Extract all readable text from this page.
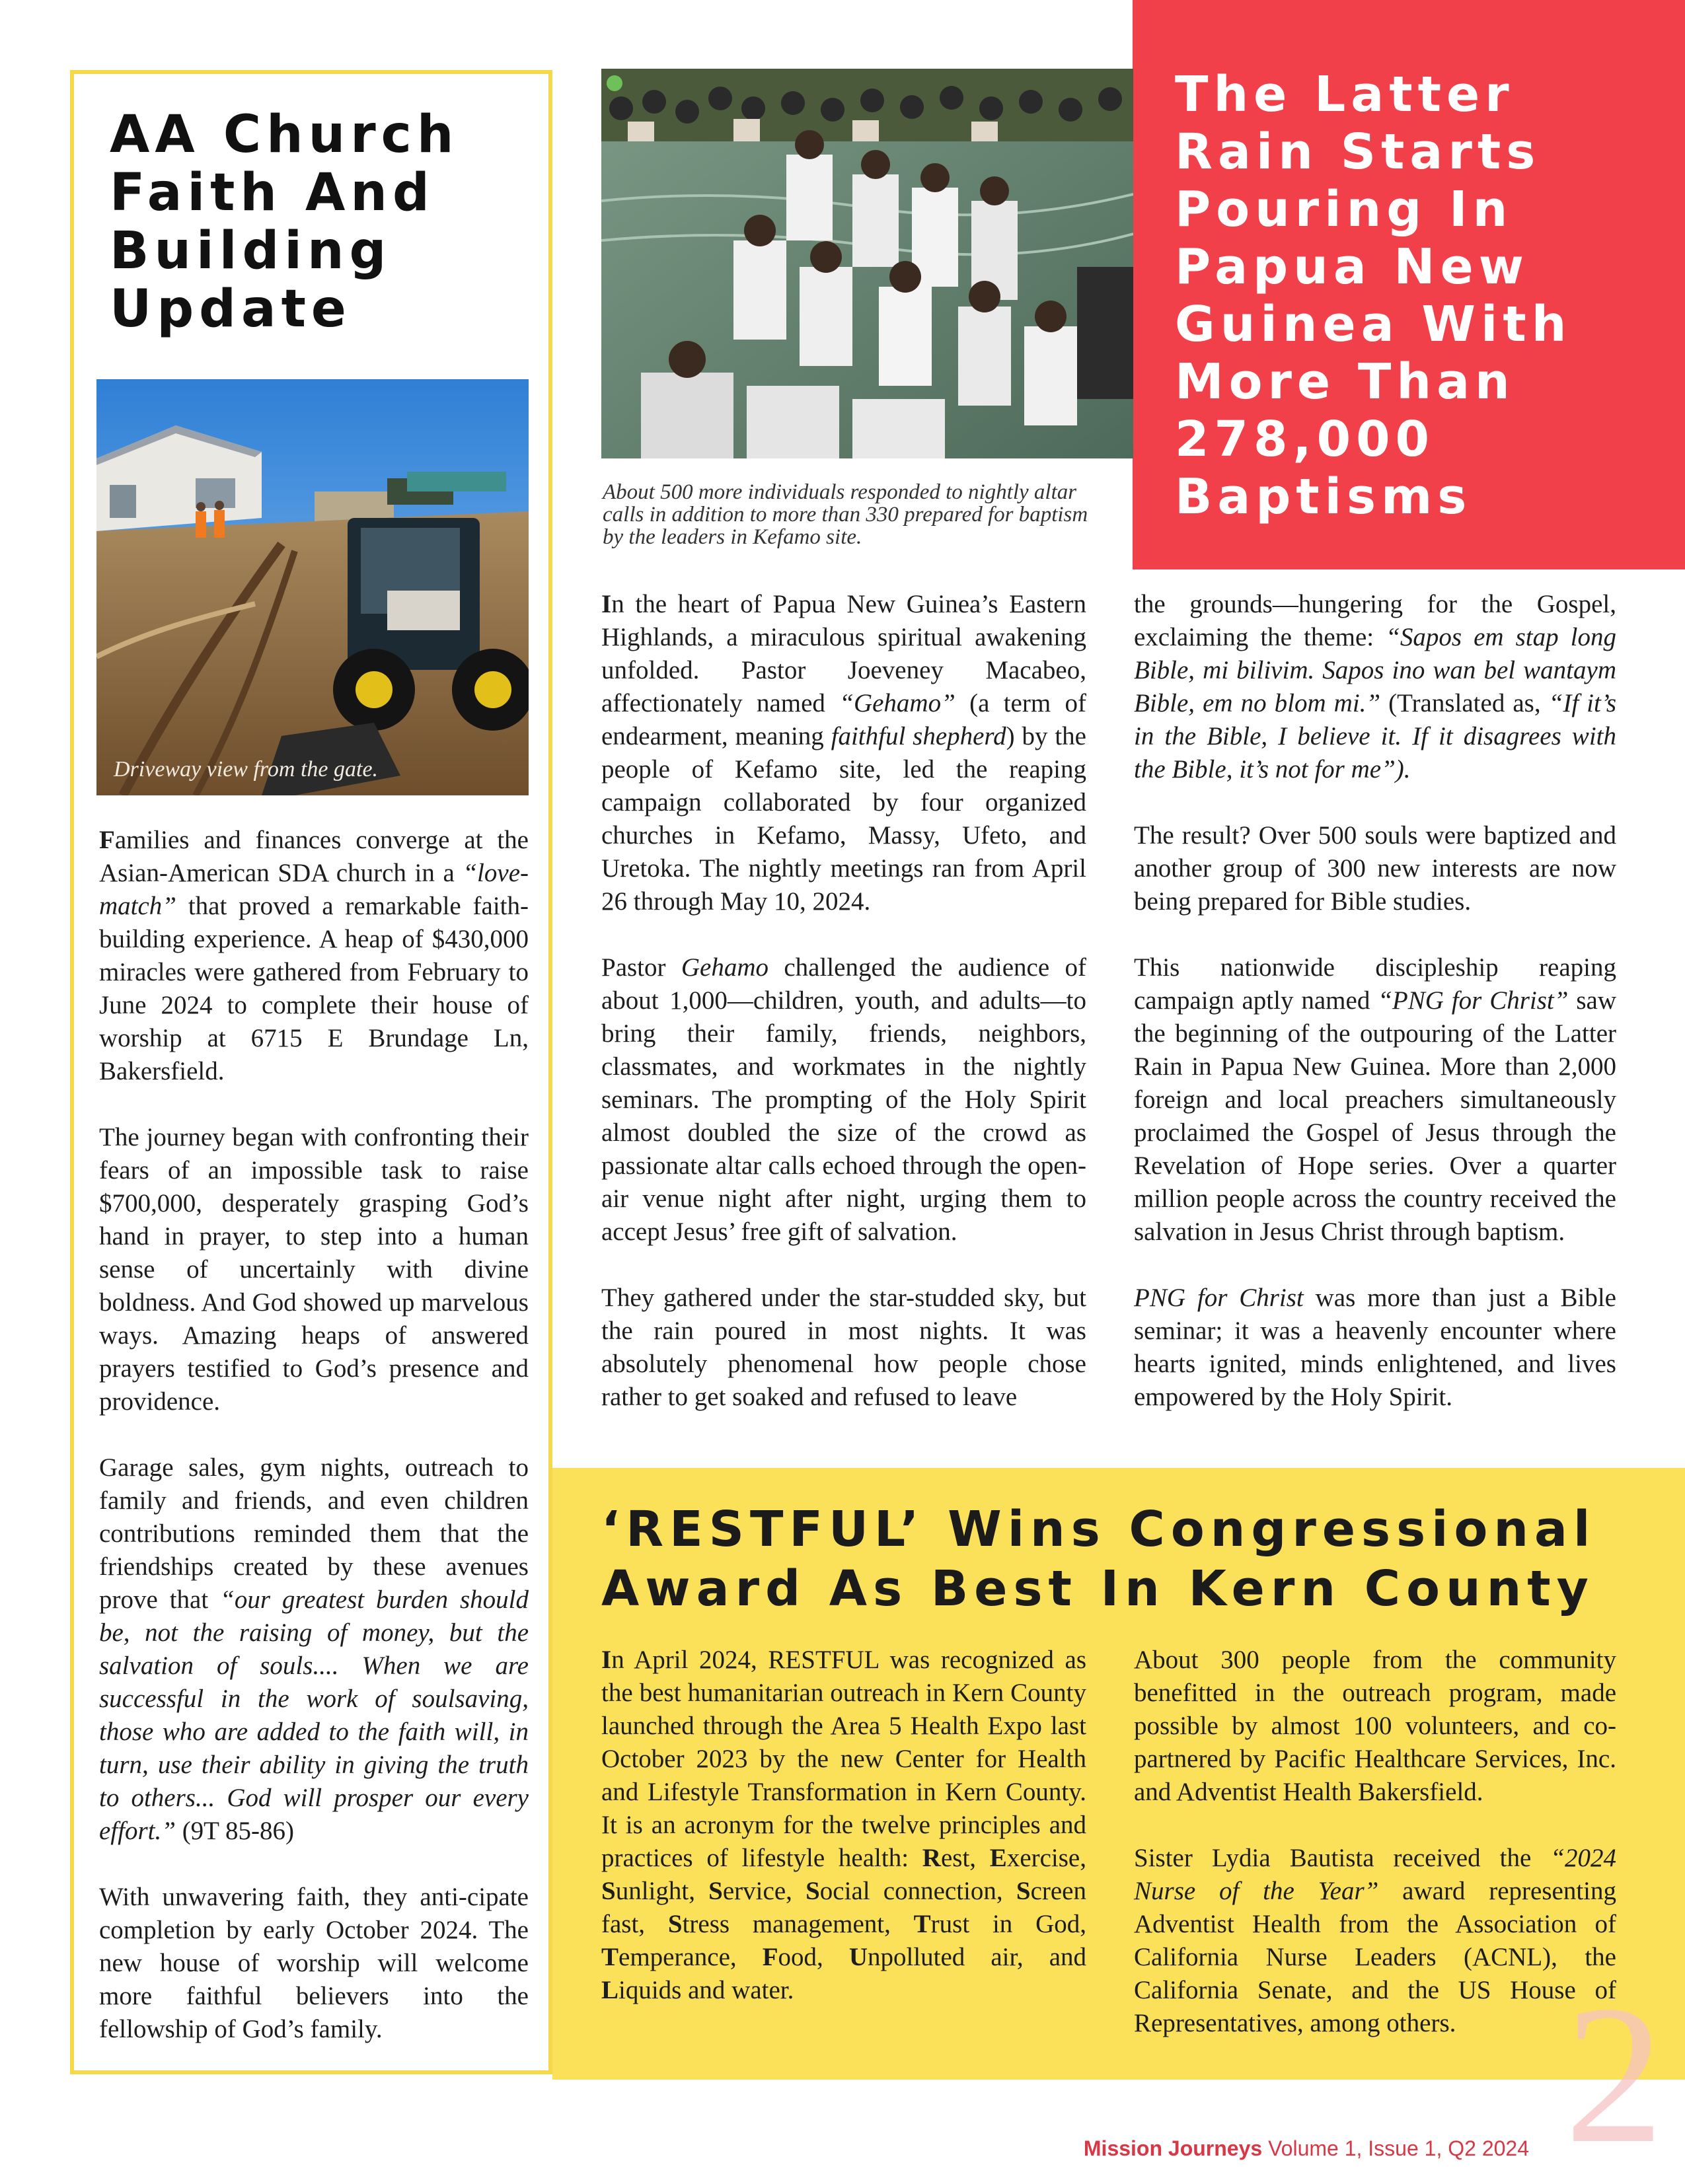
AA Church Faith And Building Update
Driveway view from the gate.

Families and finances converge at the Asian-American SDA church in a “love-match” that proved a remarkable faith-building experience. A heap of $430,000 miracles were gathered from February to June 2024 to complete their house of worship at 6715 E Brundage Ln, Bakersfield.

The journey began with confronting their fears of an impossible task to raise $700,000, desperately grasping God’s hand in prayer, to step into a human sense of uncertainly with divine boldness. And God showed up marvelous ways. Amazing heaps of answered prayers testified to God’s presence and providence.

Garage sales, gym nights, outreach to family and friends, and even children contributions reminded them that the friendships created by these avenues prove that “our greatest burden should be, not the raising of money, but the salvation of souls.... When we are successful in the work of soulsaving, those who are added to the faith will, in turn, use their ability in giving the truth to others... God will prosper our every effort.” (9T 85-86)

With unwavering faith, they anti-cipate completion by early October 2024. The new house of worship will welcome more faithful believers into the fellowship of God’s family.

The Latter Rain Starts Pouring In Papua New Guinea With More Than 278,000 Baptisms
About 500 more individuals responded to nightly altar calls in addition to more than 330 prepared for baptism by the leaders in Kefamo site.

In the heart of Papua New Guinea’s Eastern Highlands, a miraculous spiritual awakening unfolded. Pastor Joeveney Macabeo, affectionately named “Gehamo” (a term of endearment, meaning faithful shepherd) by the people of Kefamo site, led the reaping campaign collaborated by four organized churches in Kefamo, Massy, Ufeto, and Uretoka. The nightly meetings ran from April 26 through May 10, 2024.

Pastor Gehamo challenged the audience of about 1,000—children, youth, and adults—to bring their family, friends, neighbors, classmates, and workmates in the nightly seminars. The prompting of the Holy Spirit almost doubled the size of the crowd as passionate altar calls echoed through the open-air venue night after night, urging them to accept Jesus’ free gift of salvation.

They gathered under the star-studded sky, but the rain poured in most nights. It was absolutely phenomenal how people chose rather to get soaked and refused to leave

the grounds—hungering for the Gospel, exclaiming the theme: “Sapos em stap long Bible, mi bilivim. Sapos ino wan bel wantaym Bible, em no blom mi.” (Translated as, “If it’s in the Bible, I believe it. If it disagrees with the Bible, it’s not for me”).

The result? Over 500 souls were baptized and another group of 300 new interests are now being prepared for Bible studies.

This nationwide discipleship reaping campaign aptly named “PNG for Christ” saw the beginning of the outpouring of the Latter Rain in Papua New Guinea. More than 2,000 foreign and local preachers simultaneously proclaimed the Gospel of Jesus through the Revelation of Hope series. Over a quarter million people across the country received the salvation in Jesus Christ through baptism.

PNG for Christ was more than just a Bible seminar; it was a heavenly encounter where hearts ignited, minds enlightened, and lives empowered by the Holy Spirit.

‘RESTFUL’ Wins Congressional Award As Best In Kern County

In April 2024, RESTFUL was recognized as the best humanitarian outreach in Kern County launched through the Area 5 Health Expo last October 2023 by the new Center for Health and Lifestyle Transformation in Kern County. It is an acronym for the twelve principles and practices of lifestyle health: Rest, Exercise, Sunlight, Service, Social connection, Screen fast, Stress management, Trust in God, Temperance, Food, Unpolluted air, and Liquids and water.

About 300 people from the community benefitted in the outreach program, made possible by almost 100 volunteers, and co-partnered by Pacific Healthcare Services, Inc. and Adventist Health Bakersfield.

Sister Lydia Bautista received the “2024 Nurse of the Year” award representing Adventist Health from the Association of California Nurse Leaders (ACNL), the California Senate, and the US House of Representatives, among others. 2
Mission Journeys Volume 1, Issue 1, Q2 2024
